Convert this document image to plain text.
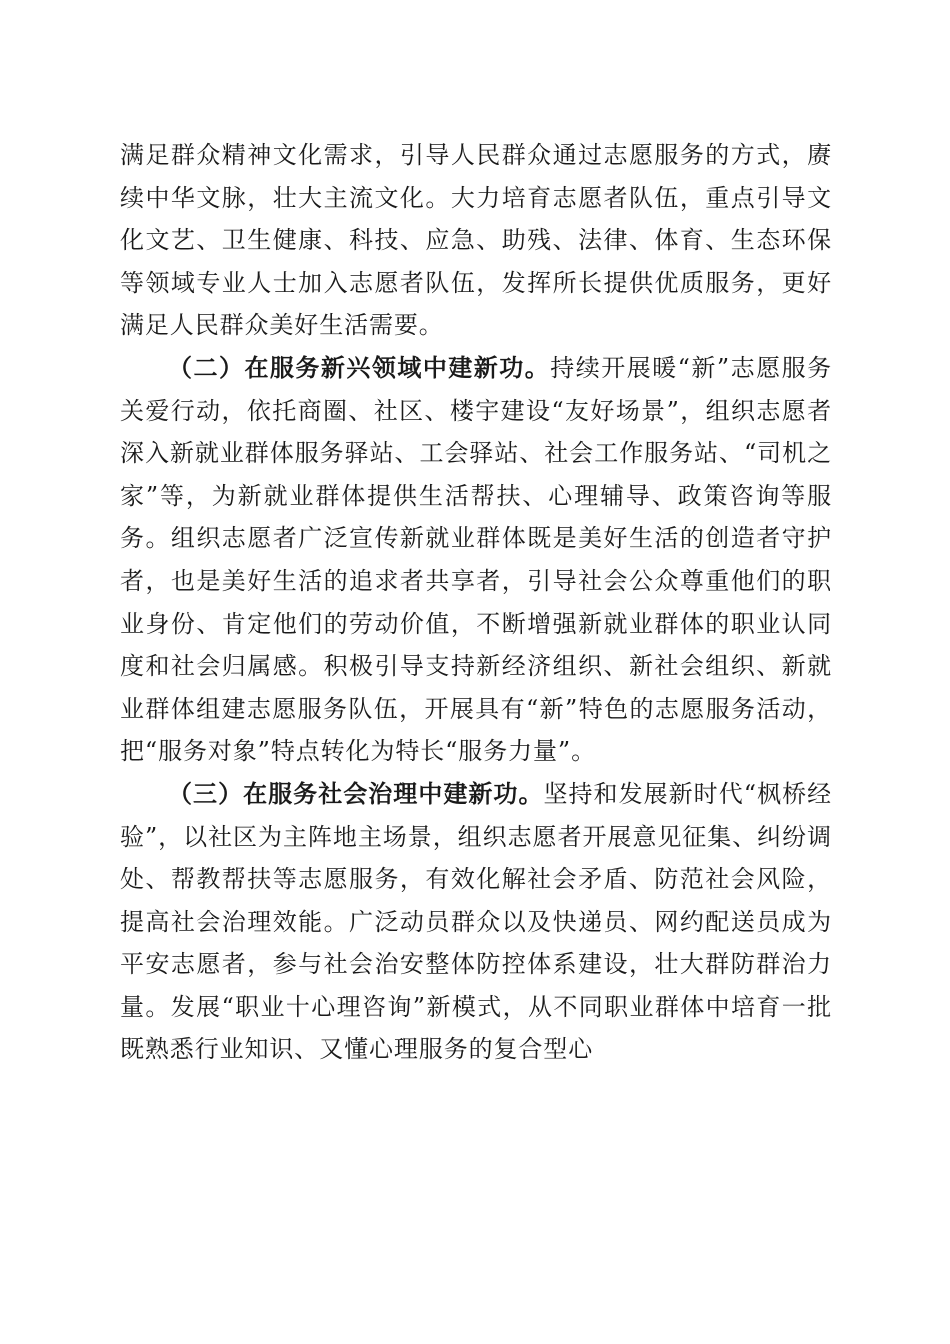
满足群众精神文化需求，引导人民群众通过志愿服务的方式，赓续中华文脉，壮大主流文化。大力培育志愿者队伍，重点引导文化文艺、卫生健康、科技、应急、助残、法律、体育、生态环保等领域专业人士加入志愿者队伍，发挥所长提供优质服务，更好满足人民群众美好生活需要。

（二）在服务新兴领域中建新功。持续开展暖“新”志愿服务关爱行动，依托商圈、社区、楼宇建设“友好场景”，组织志愿者深入新就业群体服务驿站、工会驿站、社会工作服务站、“司机之家”等，为新就业群体提供生活帮扶、心理辅导、政策咨询等服务。组织志愿者广泛宣传新就业群体既是美好生活的创造者守护者，也是美好生活的追求者共享者，引导社会公众尊重他们的职业身份、肯定他们的劳动价值，不断增强新就业群体的职业认同度和社会归属感。积极引导支持新经济组织、新社会组织、新就业群体组建志愿服务队伍，开展具有“新”特色的志愿服务活动，把“服务对象”特点转化为特长“服务力量”。

（三）在服务社会治理中建新功。坚持和发展新时代“枫桥经验”，以社区为主阵地主场景，组织志愿者开展意见征集、纠纷调处、帮教帮扶等志愿服务，有效化解社会矛盾、防范社会风险，提高社会治理效能。广泛动员群众以及快递员、网约配送员成为平安志愿者，参与社会治安整体防控体系建设，壮大群防群治力量。发展“职业十心理咨询”新模式，从不同职业群体中培育一批既熟悉行业知识、又懂心理服务的复合型心
